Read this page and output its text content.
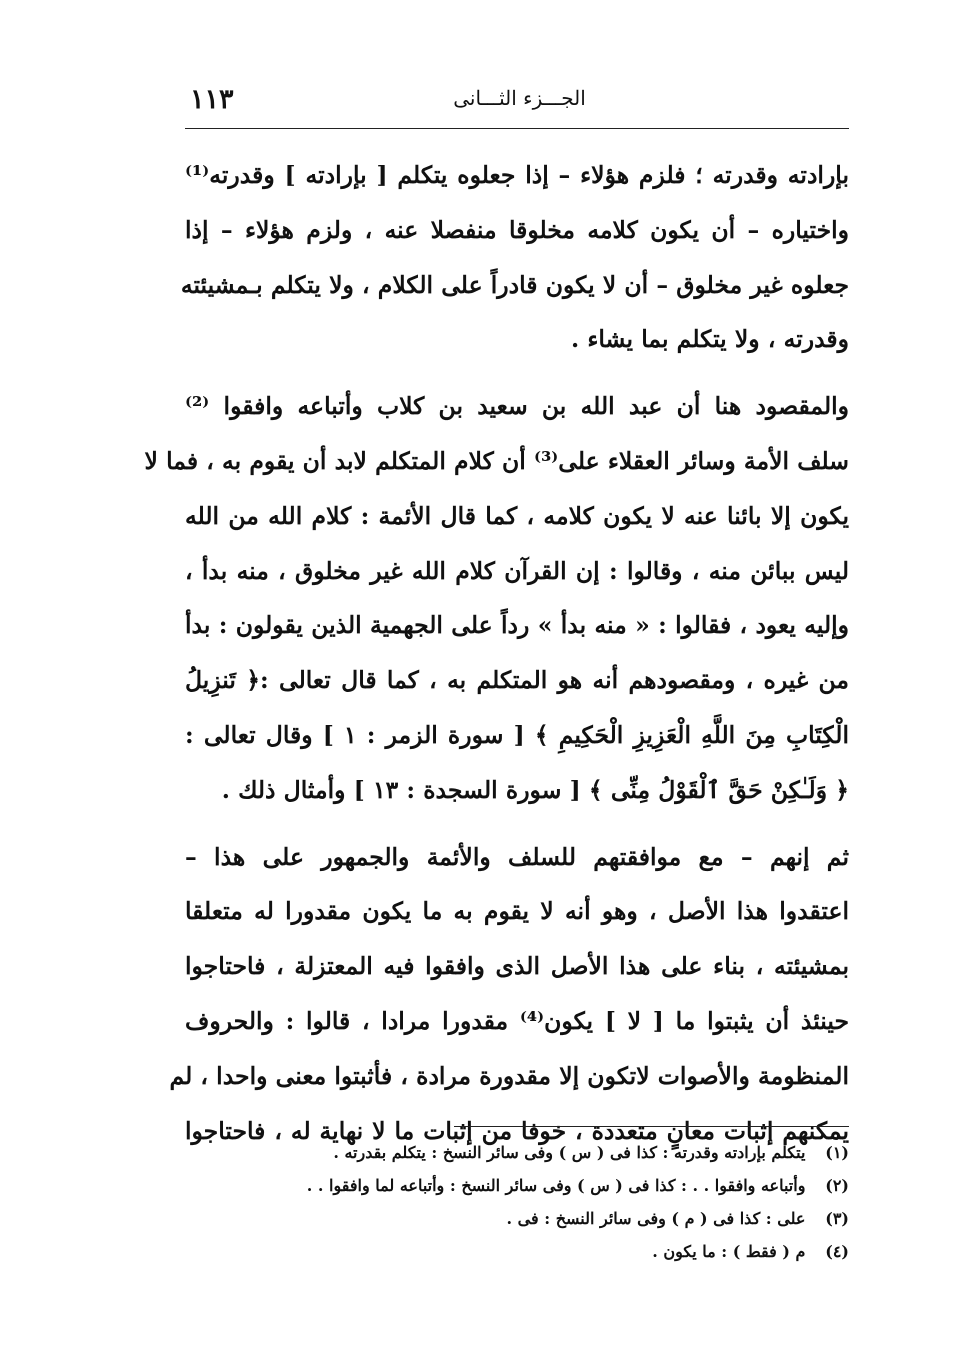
الجـــزء الثـــانى
١١٣
بإرادته وقدرته ؛ فلزم هؤلاء – إذا جعلوه يتكلم [ بإرادته ] وقدرته⁽¹⁾
واختياره – أن يكون كلامه مخلوقا منفصلا عنه ، ولزم هؤلاء – إذا
جعلوه غير مخلوق – أن لا يكون قادراً على الكلام ، ولا يتكلم بـمشيئته
وقدرته ، ولا يتكلم بما يشاء .
والمقصود هنا أن عبد الله بن سعيد بن كلاب وأتباعه وافقوا ⁽²⁾
سلف الأمة وسائر العقلاء على⁽³⁾ أن كلام المتكلم لابد أن يقوم به ، فما لا
يكون إلا بائنا عنه لا يكون كلامه ، كما قال الأئمة : كلام الله من الله
ليس ببائن منه ، وقالوا : إن القرآن كلام الله غير مخلوق ، منه بدأ ،
وإليه يعود ، فقالوا : « منه بدأ » رداً على الجهمية الذين يقولون : بدأ
من غيره ، ومقصودهم أنه هو المتكلم به ، كما قال تعالى :﴿ تَنزِيلُ
الْكِتَابِ مِنَ اللَّهِ الْعَزِيزِ الْحَكِيمِ ﴾ [ سورة الزمر : ١ ] وقال تعالى :
﴿ وَلَـٰكِنْ حَقَّ ٱلْقَوْلُ مِنِّى ﴾ [ سورة السجدة : ١٣ ] وأمثال ذلك .
ثم إنهم – مع موافقتهم للسلف والأئمة والجمهور على هذا –
اعتقدوا هذا الأصل ، وهو أنه لا يقوم به ما يكون مقدورا له متعلقا
بمشيئته ، بناء على هذا الأصل الذى وافقوا فيه المعتزلة ، فاحتاجوا
حينئذ أن يثبتوا ما [ لا ] يكون⁽⁴⁾ مقدورا مرادا ، قالوا : والحروف
المنظومة والأصوات لاتكون إلا مقدورة مرادة ، فأثبتوا معنى واحدا ، لم
يمكنهم إثبات معانٍ متعددة ، خوفا من إثبات ما لا نهاية له ، فاحتاجوا
(١) يتكلم بإرادته وقدرته : كذا فى ( س ) وفى سائر النسخ : يتكلم بقدرته .
(٢) وأتباعه وافقوا . . : كذا فى ( س ) وفى سائر النسخ : وأتباعه لما وافقوا . .
(٣) على : كذا فى ( م ) وفى سائر النسخ : فى .
(٤) م ( فقط ) : ما يكون .
